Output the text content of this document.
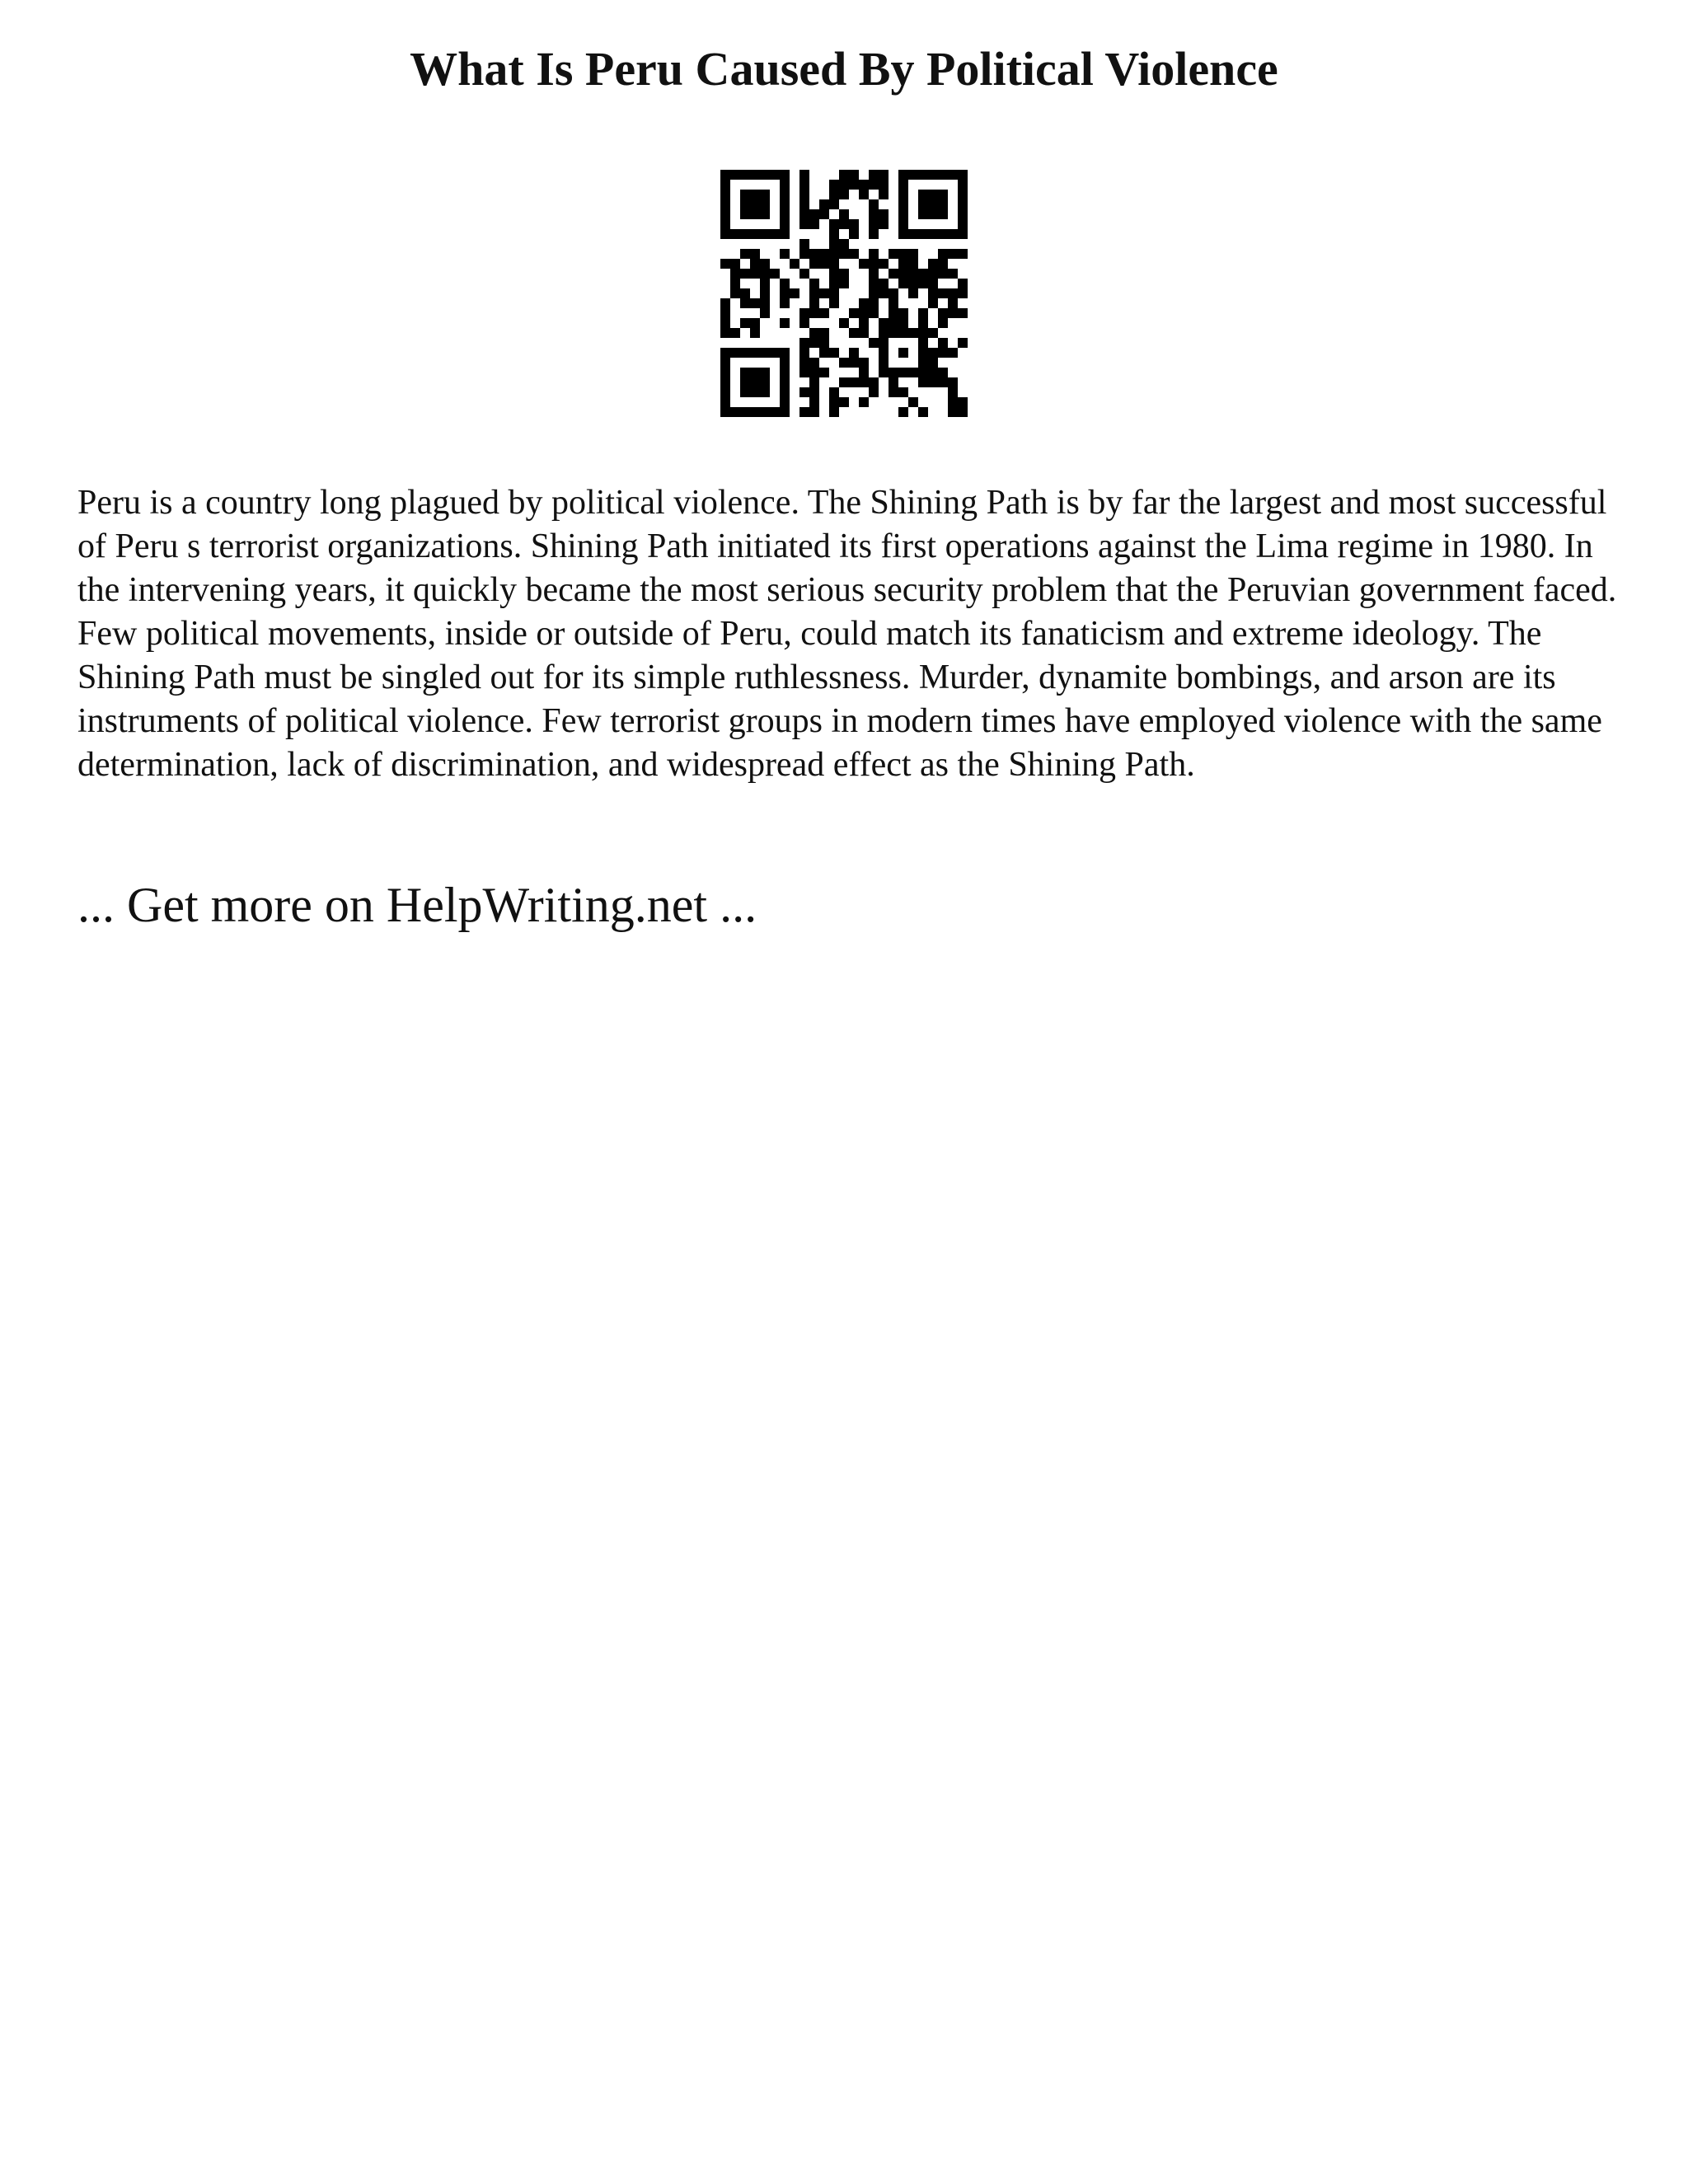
What Is Peru Caused By Political Violence

Peru is a country long plagued by political violence. The Shining Path is by far the largest and most successful of Peru s terrorist organizations. Shining Path initiated its first operations against the Lima regime in 1980. In the intervening years, it quickly became the most serious security problem that the Peruvian government faced. Few political movements, inside or outside of Peru, could match its fanaticism and extreme ideology. The Shining Path must be singled out for its simple ruthlessness. Murder, dynamite bombings, and arson are its instruments of political violence. Few terrorist groups in modern times have employed violence with the same determination, lack of discrimination, and widespread effect as the Shining Path.

... Get more on HelpWriting.net ...
